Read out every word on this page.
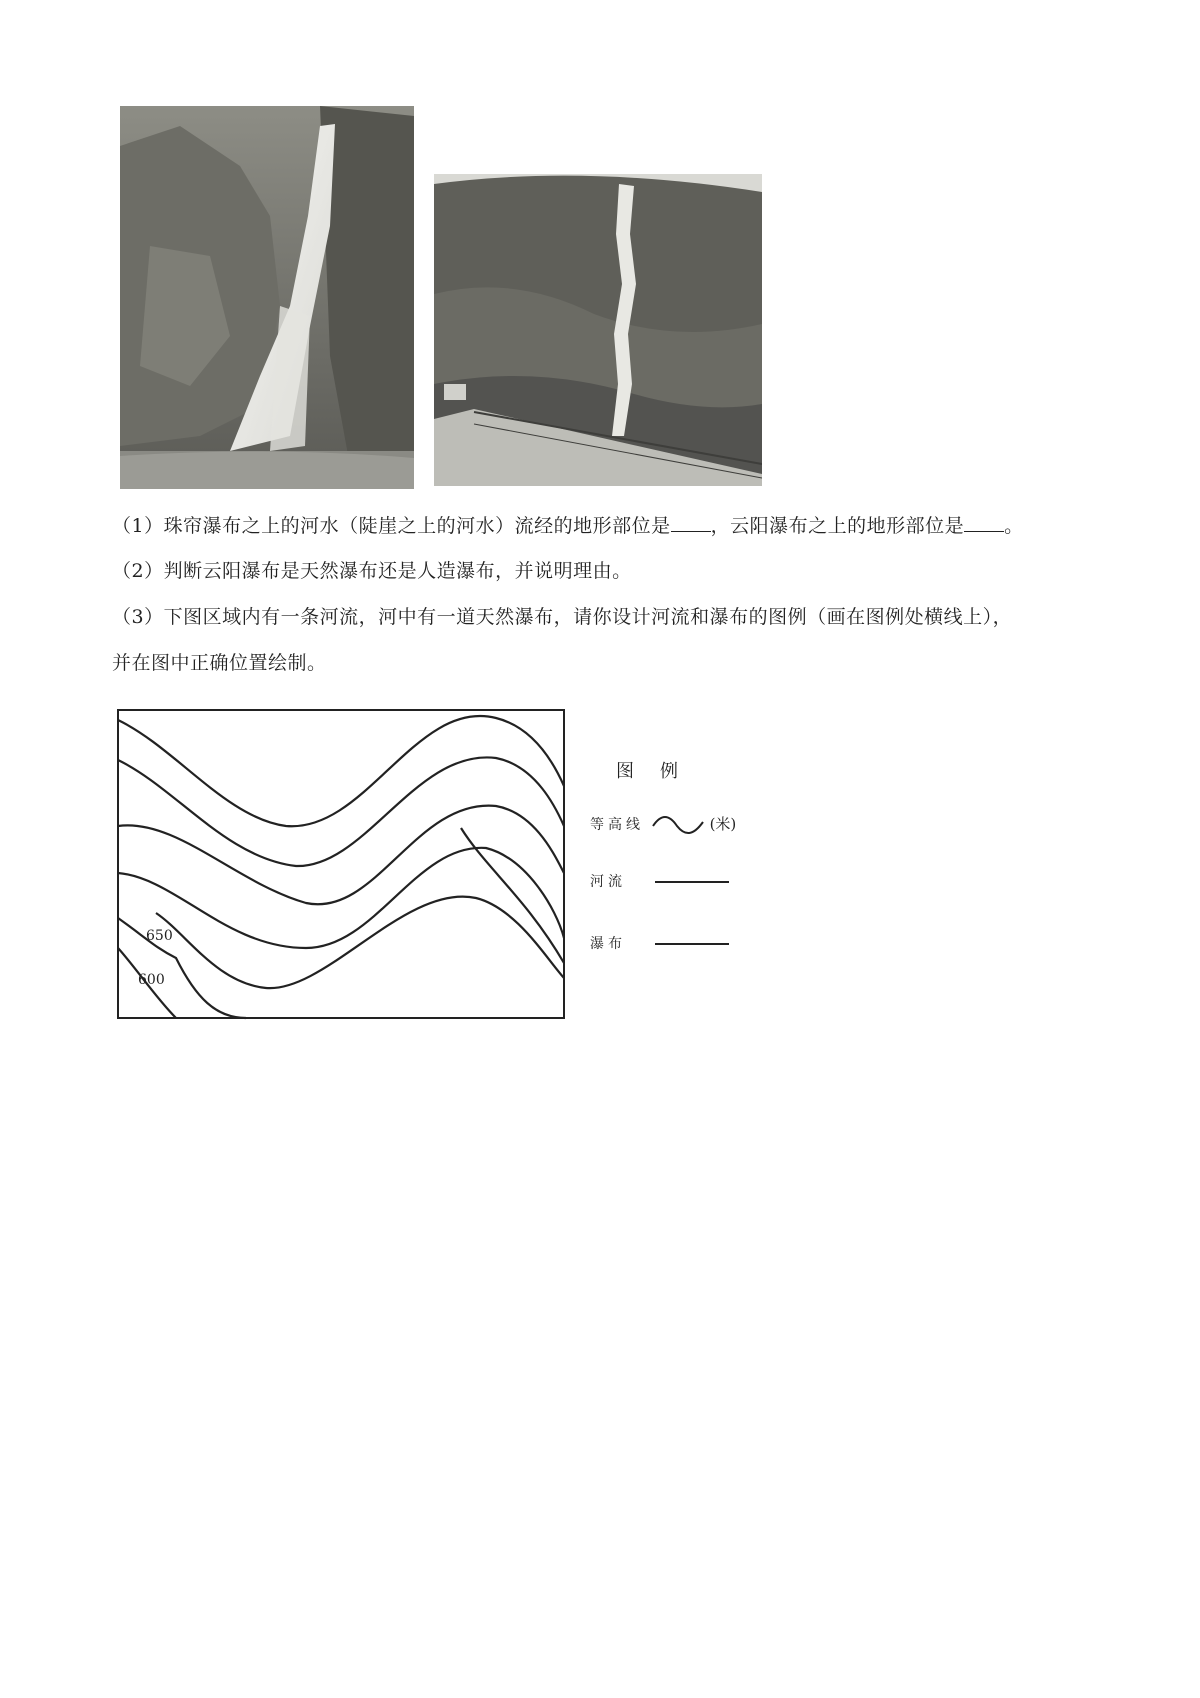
（1）珠帘瀑布之上的河水（陡崖之上的河水）流经的地形部位是 ，云阳瀑布之上的地形部位是 。

（2）判断云阳瀑布是天然瀑布还是人造瀑布，并说明理由。

（3）下图区域内有一条河流，河中有一道天然瀑布，请你设计河流和瀑布的图例（画在图例处横线上），

并在图中正确位置绘制。

650
600
图例
等高线	(米)
河流
瀑布
